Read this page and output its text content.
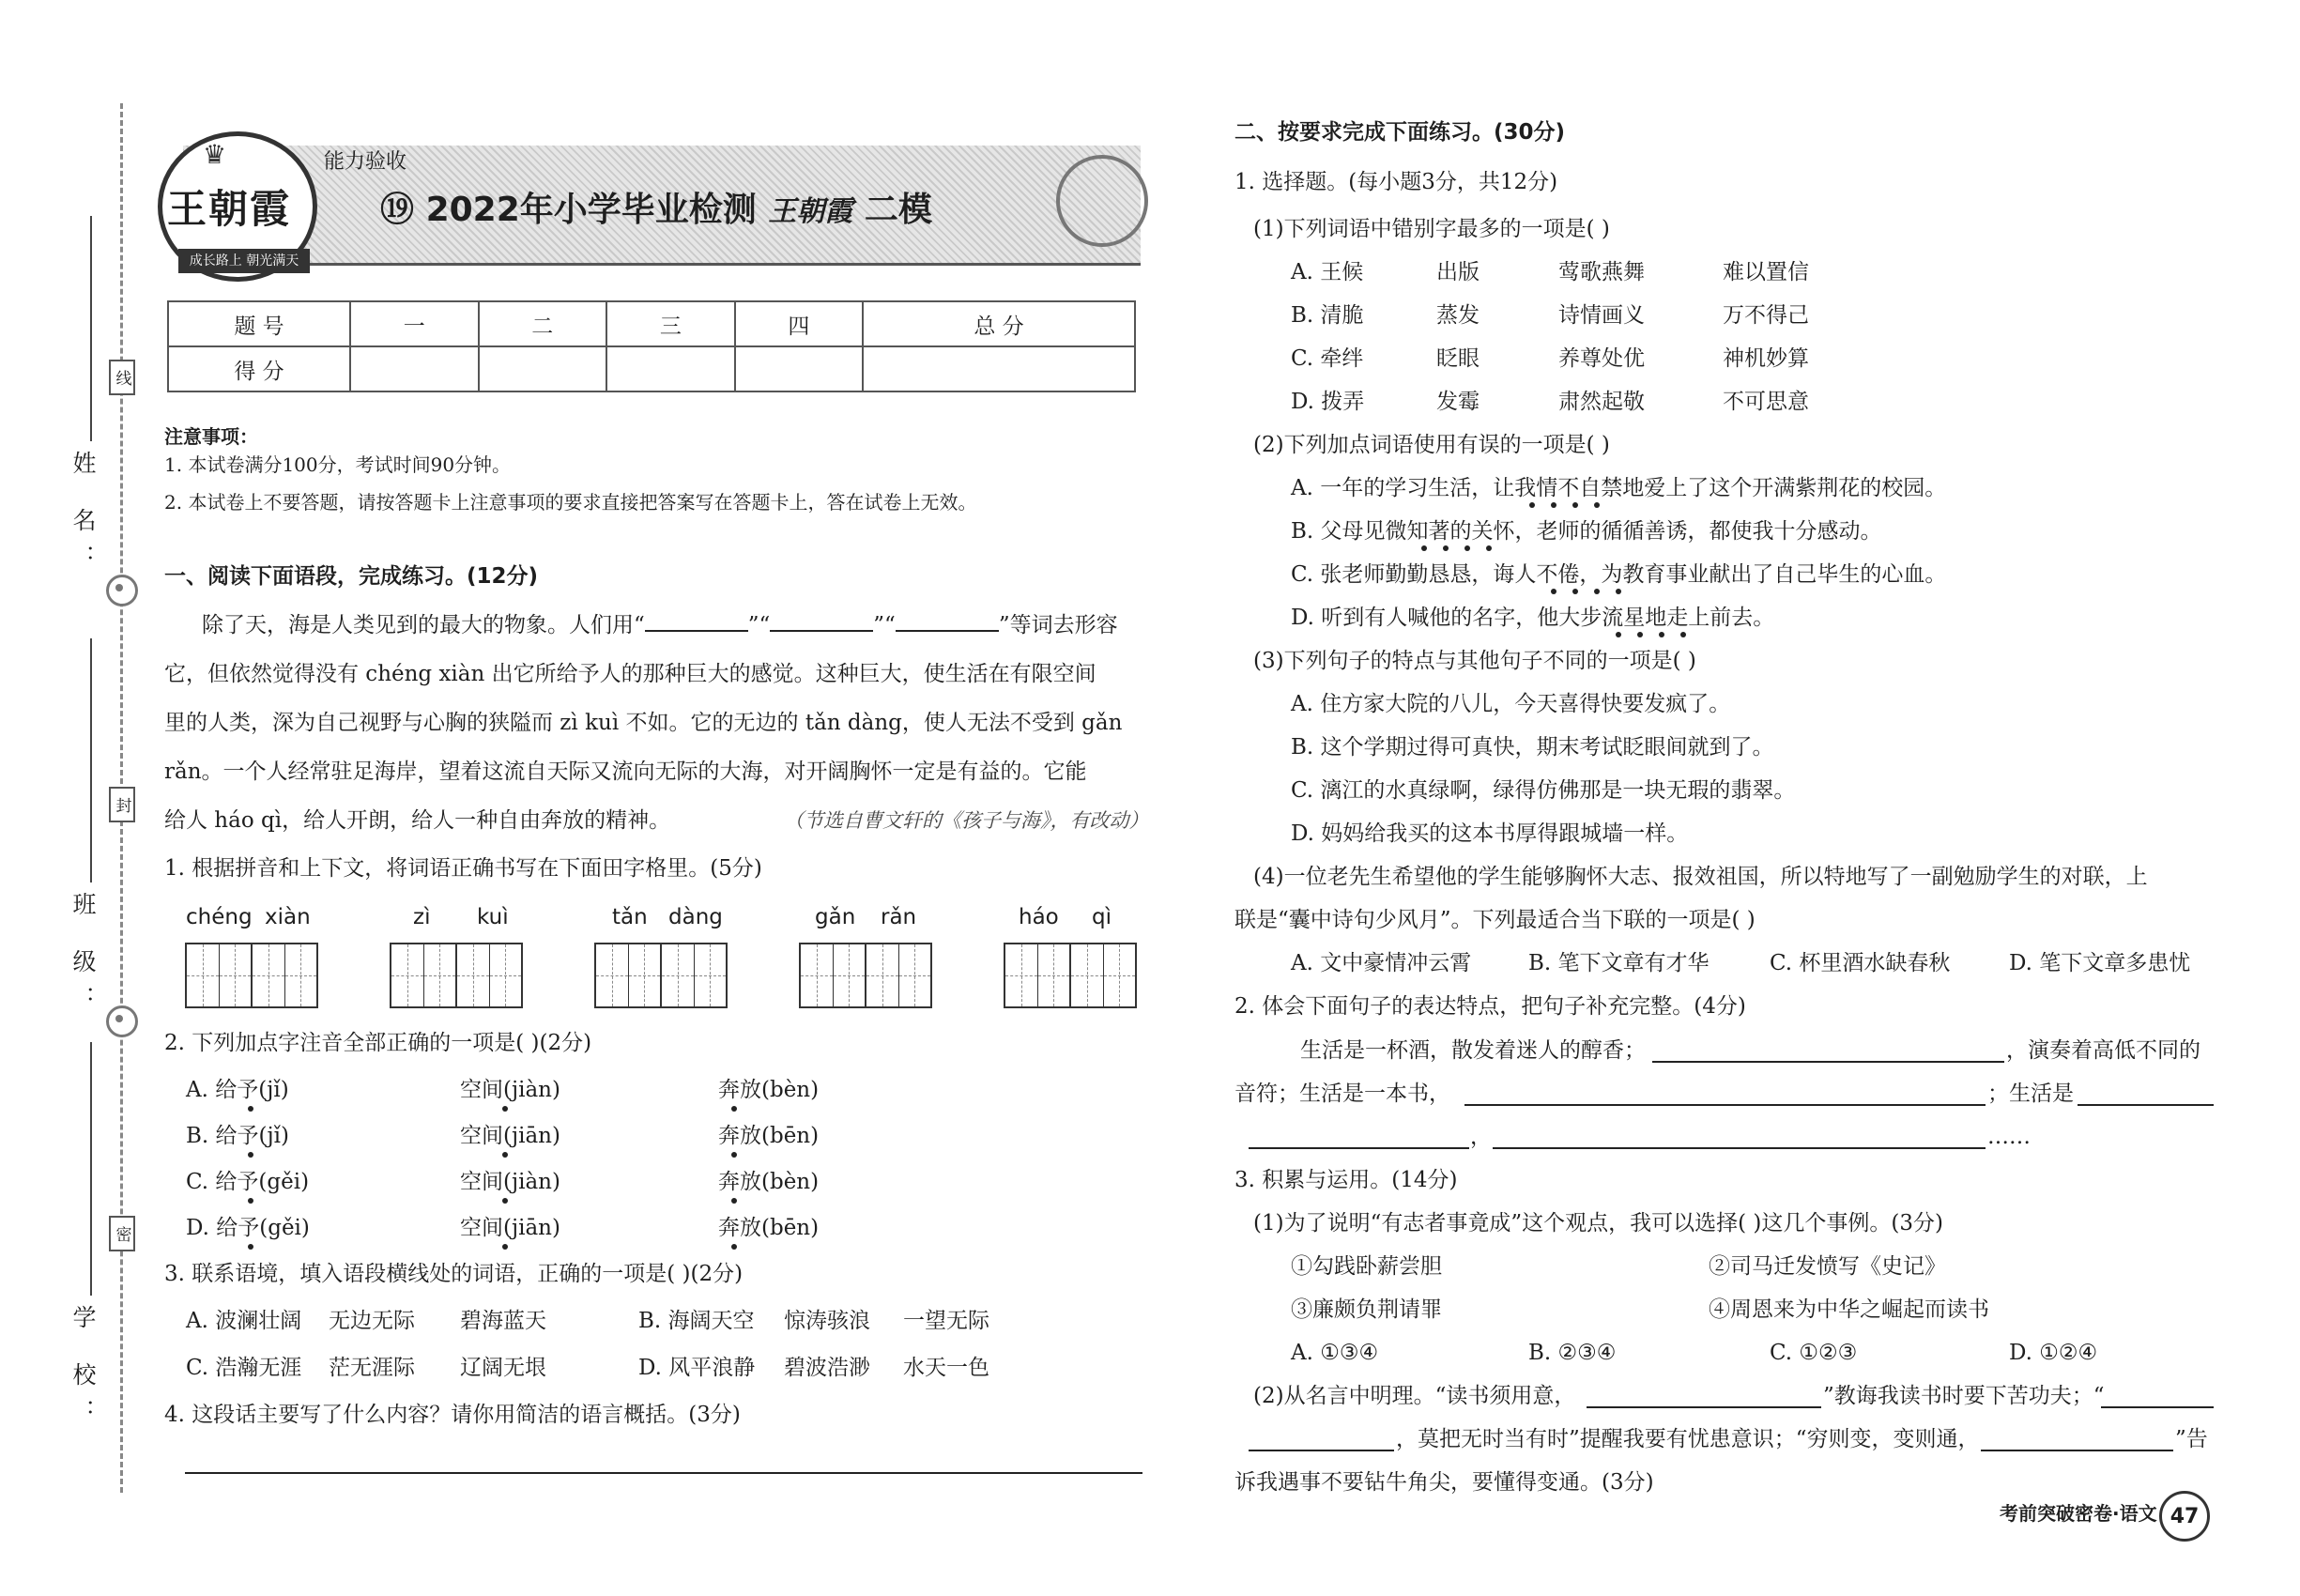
姓 名：
班 级：
学 校：
线
封
密
♛
王朝霞
成长路上 朝光满天
能力验收
⑲ 2022年小学毕业检测 王朝霞 二模
题 号	一	二	三	四	总 分
得 分					
注意事项：
1. 本试卷满分100分，考试时间90分钟。
2. 本试卷上不要答题，请按答题卡上注意事项的要求直接把答案写在答题卡上，答在试卷上无效。
一、阅读下面语段，完成练习。(12分)
除了天，海是人类见到的最大的物象。人们用“	”“	”“	”等词去形容
它，但依然觉得没有 chéng xiàn 出它所给予人的那种巨大的感觉。这种巨大，使生活在有限空间
里的人类，深为自己视野与心胸的狭隘而 zì kuì 不如。它的无边的 tǎn dàng，使人无法不受到 gǎn
rǎn。一个人经常驻足海岸，望着这流自天际又流向无际的大海，对开阔胸怀一定是有益的。它能
给人 háo qì，给人开朗，给人一种自由奔放的精神。	（节选自曹文轩的《孩子与海》，有改动）
1. 根据拼音和上下文，将词语正确书写在下面田字格里。(5分)
chéng xiàn	zì kuì	tǎn dàng	gǎn rǎn	háo qì
2. 下列加点字注音全部正确的一项是( )(2分)
A. 给予(jǐ)	空间(jiàn)	奔放(bèn)
B. 给予(jǐ)	空间(jiān)	奔放(bēn)
C. 给予(gěi)	空间(jiàn)	奔放(bèn)
D. 给予(gěi)	空间(jiān)	奔放(bēn)
3. 联系语境，填入语段横线处的词语，正确的一项是( )(2分)
A. 波澜壮阔 无边无际 碧海蓝天	B. 海阔天空 惊涛骇浪 一望无际
C. 浩瀚无涯 茫无涯际 辽阔无垠	D. 风平浪静 碧波浩渺 水天一色
4. 这段话主要写了什么内容？请你用简洁的语言概括。(3分)
二、按要求完成下面练习。(30分)
1. 选择题。(每小题3分，共12分)
(1)下列词语中错别字最多的一项是( )
A. 王候	出版	莺歌燕舞	难以置信
B. 清脆	蒸发	诗情画义	万不得己
C. 牵绊	眨眼	养尊处优	神机妙算
D. 拨弄	发霉	肃然起敬	不可思意
(2)下列加点词语使用有误的一项是( )
A. 一年的学习生活，让我情不自禁地爱上了这个开满紫荆花的校园。
B. 父母见微知著的关怀，老师的循循善诱，都使我十分感动。
C. 张老师勤勤恳恳，诲人不倦，为教育事业献出了自己毕生的心血。
D. 听到有人喊他的名字，他大步流星地走上前去。
(3)下列句子的特点与其他句子不同的一项是( )
A. 住方家大院的八儿，今天喜得快要发疯了。
B. 这个学期过得可真快，期末考试眨眼间就到了。
C. 漓江的水真绿啊，绿得仿佛那是一块无瑕的翡翠。
D. 妈妈给我买的这本书厚得跟城墙一样。
(4)一位老先生希望他的学生能够胸怀大志、报效祖国，所以特地写了一副勉励学生的对联，上
联是“囊中诗句少风月”。下列最适合当下联的一项是( )
A. 文中豪情冲云霄	B. 笔下文章有才华	C. 杯里酒水缺春秋	D. 笔下文章多患忧
2. 体会下面句子的表达特点，把句子补充完整。(4分)
生活是一杯酒，散发着迷人的醇香；	，演奏着高低不同的
音符；生活是一本书，	；生活是
，	……
3. 积累与运用。(14分)
(1)为了说明“有志者事竟成”这个观点，我可以选择( )这几个事例。(3分)
①勾践卧薪尝胆	②司马迁发愤写《史记》
③廉颇负荆请罪	④周恩来为中华之崛起而读书
A. ①③④	B. ②③④	C. ①②③	D. ①②④
(2)从名言中明理。“读书须用意，	”教诲我读书时要下苦功夫；“
，莫把无时当有时”提醒我要有忧患意识；“穷则变，变则通，	”告
诉我遇事不要钻牛角尖，要懂得变通。(3分)
考前突破密卷·语文 47
